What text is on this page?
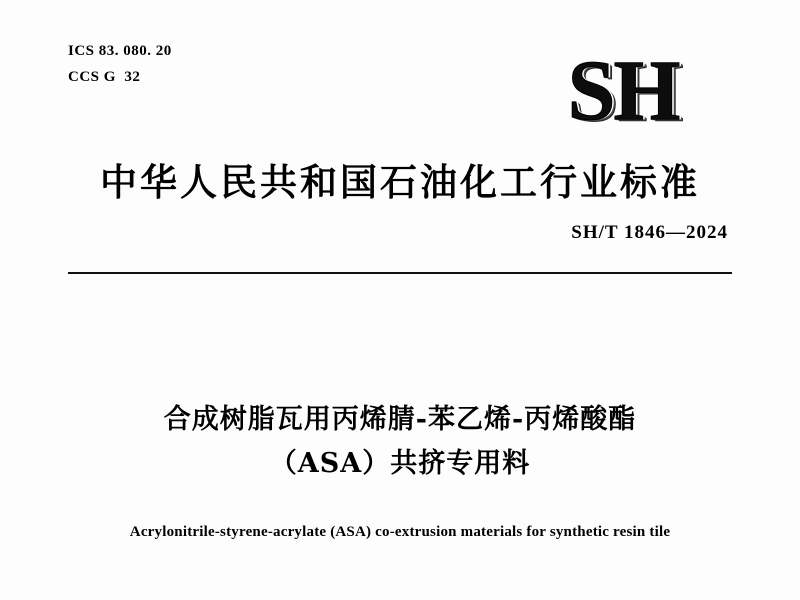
ICS 83. 080. 20
CCS G  32	SH
中华人民共和国石油化工行业标准
SH/T 1846—2024
合成树脂瓦用丙烯腈-苯乙烯-丙烯酸酯
（ASA）共挤专用料
Acrylonitrile-styrene-acrylate (ASA) co-extrusion materials for synthetic resin tile
